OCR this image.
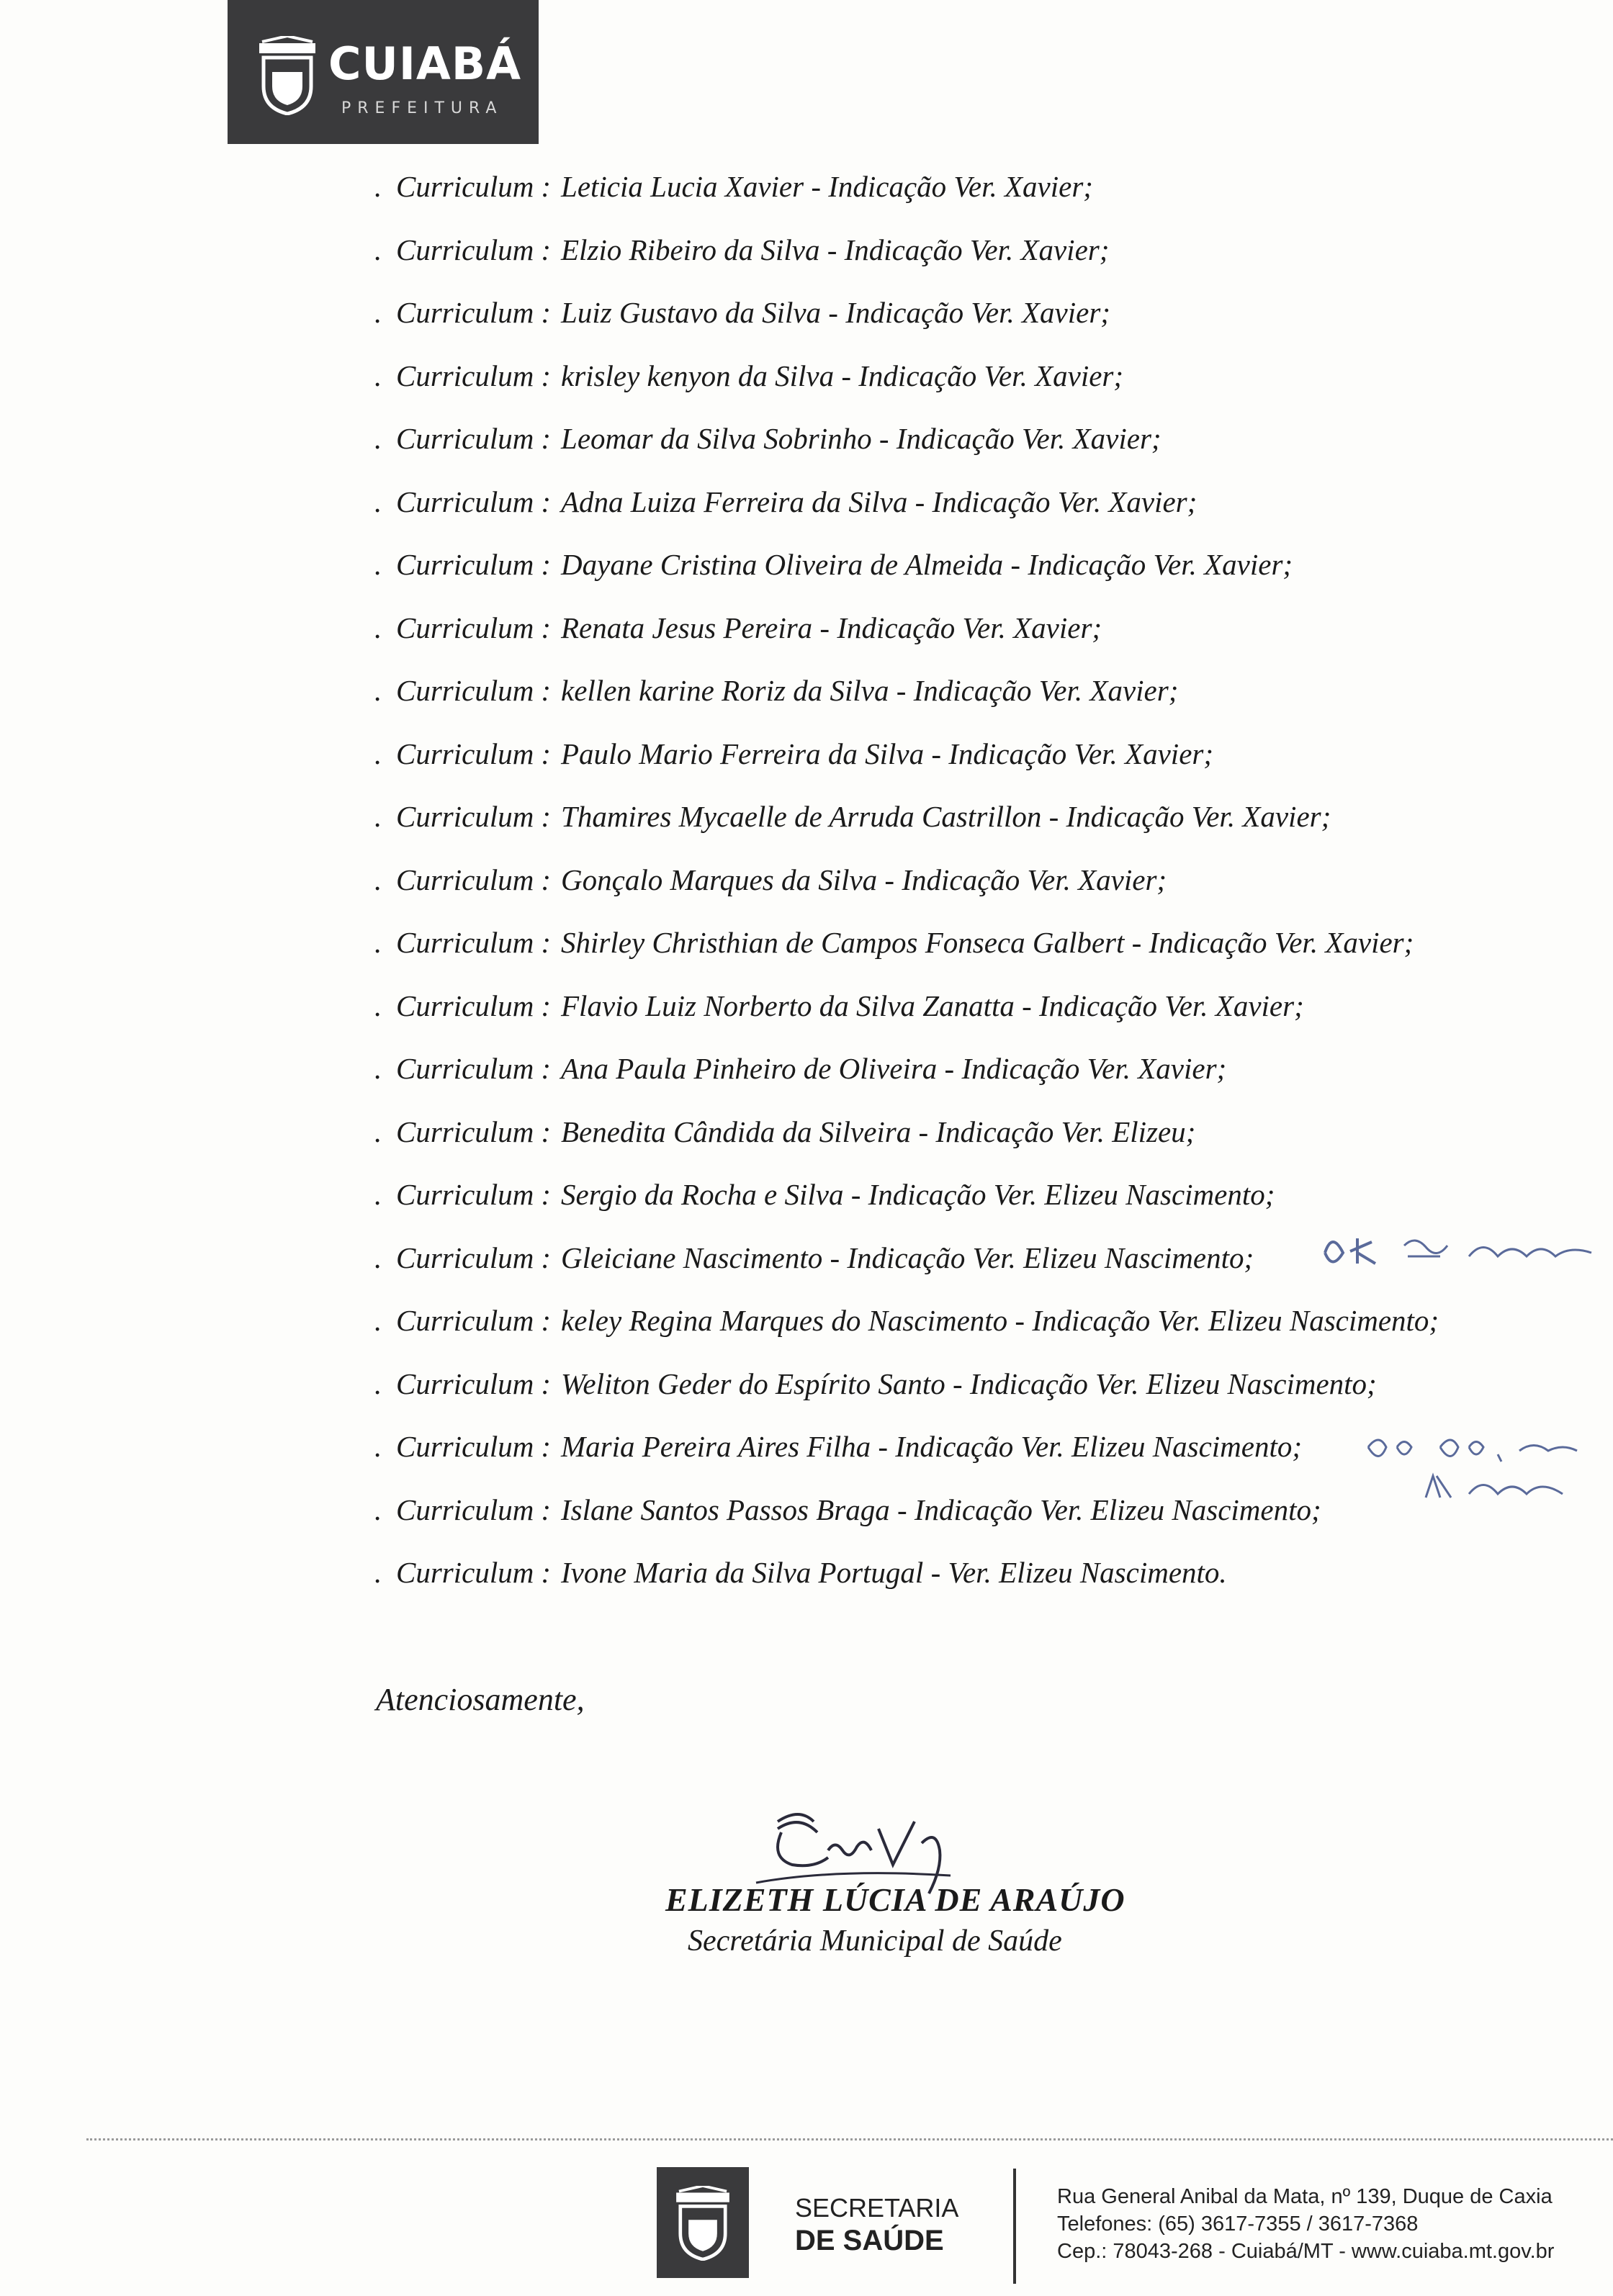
CUIABÁ
PREFEITURA
. Curriculum : Leticia Lucia Xavier - Indicação Ver. Xavier;
. Curriculum : Elzio Ribeiro da Silva - Indicação Ver. Xavier;
. Curriculum : Luiz Gustavo da Silva - Indicação Ver. Xavier;
. Curriculum : krisley kenyon da Silva - Indicação Ver. Xavier;
. Curriculum : Leomar da Silva Sobrinho - Indicação Ver. Xavier;
. Curriculum : Adna Luiza Ferreira da Silva - Indicação Ver. Xavier;
. Curriculum : Dayane Cristina Oliveira de Almeida - Indicação Ver. Xavier;
. Curriculum : Renata Jesus Pereira - Indicação Ver. Xavier;
. Curriculum : kellen karine Roriz da Silva - Indicação Ver. Xavier;
. Curriculum : Paulo Mario Ferreira da Silva - Indicação Ver. Xavier;
. Curriculum : Thamires Mycaelle de Arruda Castrillon - Indicação Ver. Xavier;
. Curriculum : Gonçalo Marques da Silva - Indicação Ver. Xavier;
. Curriculum : Shirley Christhian de Campos Fonseca Galbert - Indicação Ver. Xavier;
. Curriculum : Flavio Luiz Norberto da Silva Zanatta - Indicação Ver. Xavier;
. Curriculum : Ana Paula Pinheiro de Oliveira - Indicação Ver. Xavier;
. Curriculum : Benedita Cândida da Silveira - Indicação Ver. Elizeu;
. Curriculum : Sergio da Rocha e Silva - Indicação Ver. Elizeu Nascimento;
. Curriculum : Gleiciane Nascimento - Indicação Ver. Elizeu Nascimento;
. Curriculum : keley Regina Marques do Nascimento - Indicação Ver. Elizeu Nascimento;
. Curriculum : Weliton Geder do Espírito Santo - Indicação Ver. Elizeu Nascimento;
. Curriculum : Maria Pereira Aires Filha - Indicação Ver. Elizeu Nascimento;
. Curriculum : Islane Santos Passos Braga - Indicação Ver. Elizeu Nascimento;
. Curriculum : Ivone Maria da Silva Portugal - Ver. Elizeu Nascimento.
Atenciosamente,
ELIZETH LÚCIA DE ARAÚJO
Secretária Municipal de Saúde
SECRETARIA
DE SAÚDE
Rua General Anibal da Mata, nº 139, Duque de Caxia
Telefones: (65) 3617-7355 / 3617-7368
Cep.: 78043-268 - Cuiabá/MT - www.cuiaba.mt.gov.br
